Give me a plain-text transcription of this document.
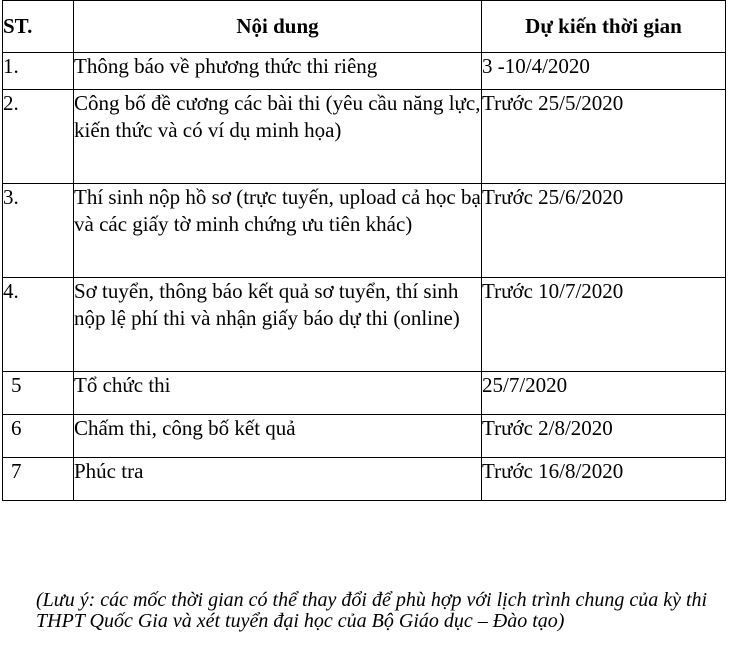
ST.	Nội dung	Dự kiến thời gian
1.	Thông báo về phương thức thi riêng	3 -10/4/2020
2.	Công bố đề cương các bài thi (yêu cầu năng lực, kiến thức và có ví dụ minh họa)	Trước 25/5/2020
3.	Thí sinh nộp hồ sơ (trực tuyến, upload cả học bạ và các giấy tờ minh chứng ưu tiên khác)	Trước 25/6/2020
4.	Sơ tuyển, thông báo kết quả sơ tuyển, thí sinh nộp lệ phí thi và nhận giấy báo dự thi (online)	Trước 10/7/2020
5	Tổ chức thi	25/7/2020
6	Chấm thi, công bố kết quả	Trước 2/8/2020
7	Phúc tra	Trước 16/8/2020
(Lưu ý: các mốc thời gian có thể thay đổi để phù hợp với lịch trình chung của kỳ thi THPT Quốc Gia và xét tuyển đại học của Bộ Giáo dục – Đào tạo)
